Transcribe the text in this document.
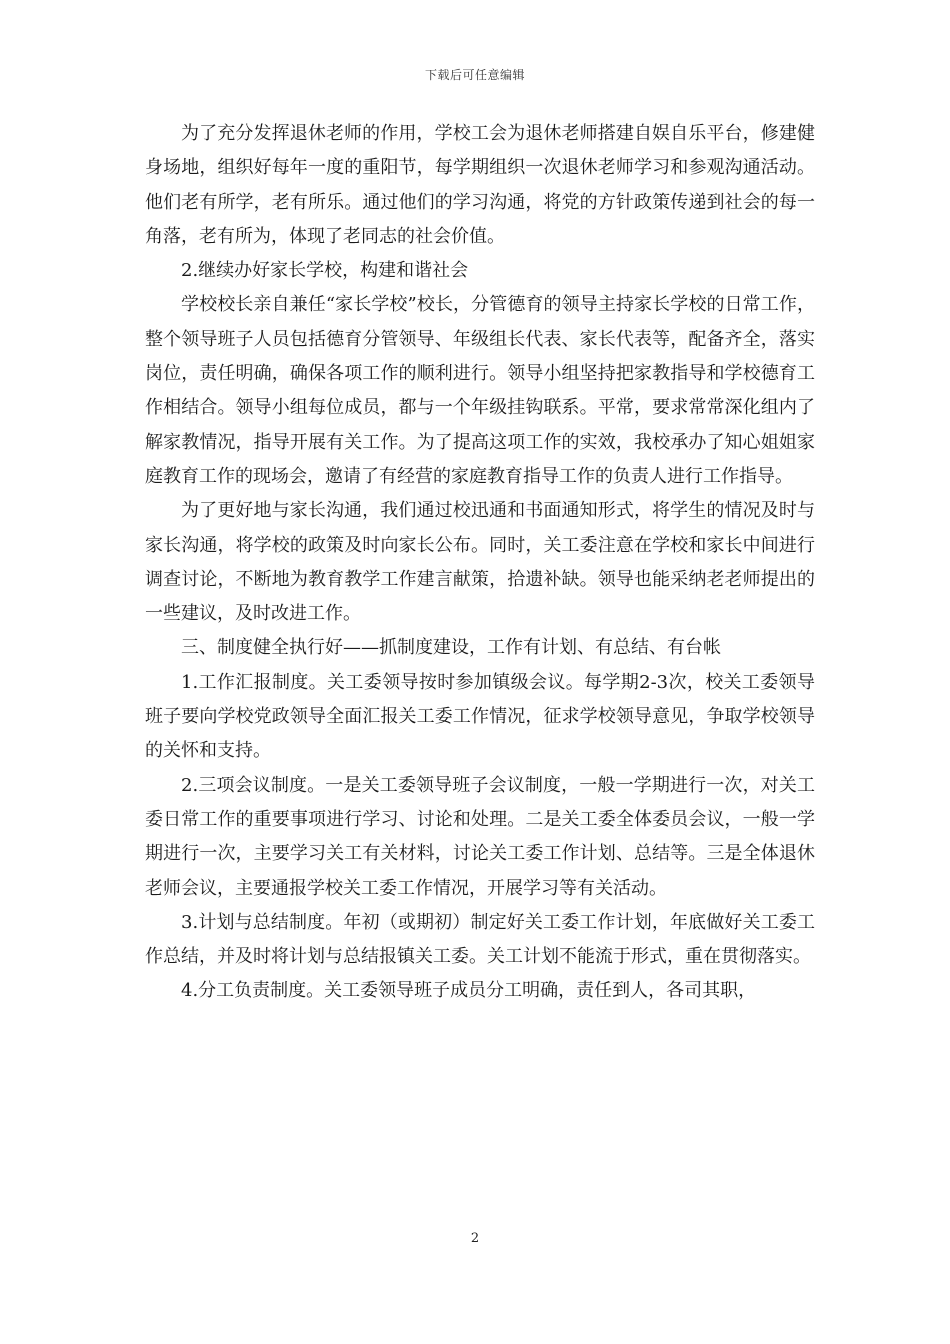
下载后可任意编辑

为了充分发挥退休老师的作用，学校工会为退休老师搭建自娱自乐平台，修建健身场地，组织好每年一度的重阳节，每学期组织一次退休老师学习和参观沟通活动。他们老有所学，老有所乐。通过他们的学习沟通，将党的方针政策传递到社会的每一角落，老有所为，体现了老同志的社会价值。

2.继续办好家长学校，构建和谐社会

学校校长亲自兼任“家长学校”校长，分管德育的领导主持家长学校的日常工作，整个领导班子人员包括德育分管领导、年级组长代表、家长代表等，配备齐全，落实岗位，责任明确，确保各项工作的顺利进行。领导小组坚持把家教指导和学校德育工作相结合。领导小组每位成员，都与一个年级挂钩联系。平常，要求常常深化组内了解家教情况，指导开展有关工作。为了提高这项工作的实效，我校承办了知心姐姐家庭教育工作的现场会，邀请了有经营的家庭教育指导工作的负责人进行工作指导。

为了更好地与家长沟通，我们通过校迅通和书面通知形式，将学生的情况及时与家长沟通，将学校的政策及时向家长公布。同时，关工委注意在学校和家长中间进行调查讨论，不断地为教育教学工作建言献策，拾遗补缺。领导也能采纳老老师提出的一些建议，及时改进工作。

三、制度健全执行好——抓制度建设，工作有计划、有总结、有台帐

1.工作汇报制度。关工委领导按时参加镇级会议。每学期2-3次，校关工委领导班子要向学校党政领导全面汇报关工委工作情况，征求学校领导意见，争取学校领导的关怀和支持。

2.三项会议制度。一是关工委领导班子会议制度，一般一学期进行一次，对关工委日常工作的重要事项进行学习、讨论和处理。二是关工委全体委员会议，一般一学期进行一次，主要学习关工有关材料，讨论关工委工作计划、总结等。三是全体退休老师会议，主要通报学校关工委工作情况，开展学习等有关活动。

3.计划与总结制度。年初（或期初）制定好关工委工作计划，年底做好关工委工作总结，并及时将计划与总结报镇关工委。关工计划不能流于形式，重在贯彻落实。

4.分工负责制度。关工委领导班子成员分工明确，责任到人，各司其职，

2
